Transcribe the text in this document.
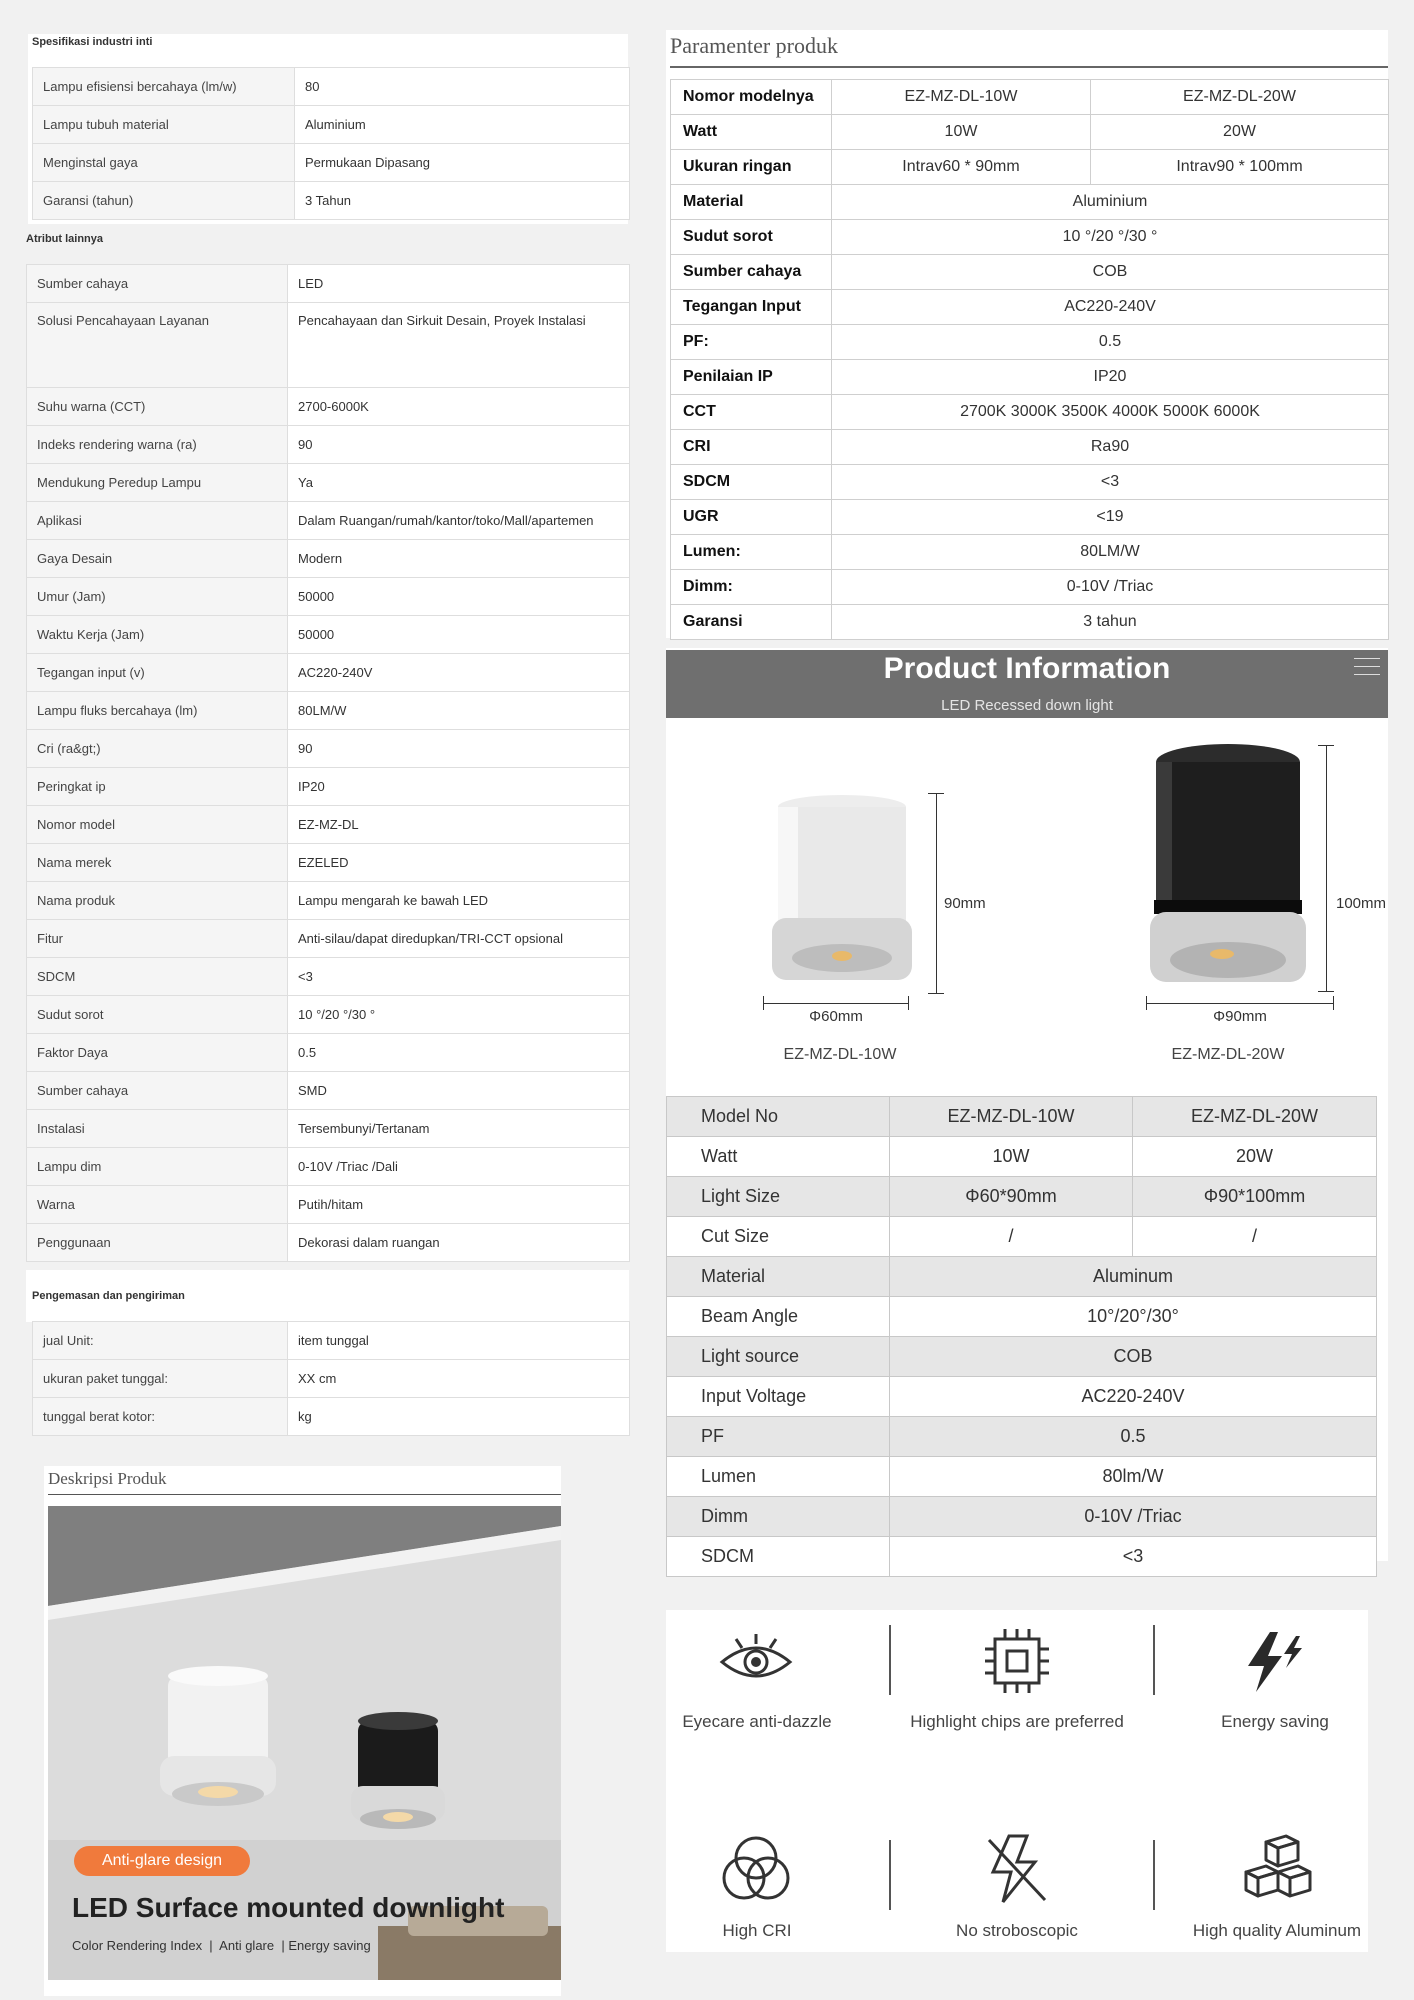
Spesifikasi industri inti
Lampu efisiensi bercahaya (lm/w)	80
Lampu tubuh material	Aluminium
Menginstal gaya	Permukaan Dipasang
Garansi (tahun)	3 Tahun
Atribut lainnya
Sumber cahaya	LED
Solusi Pencahayaan Layanan	Pencahayaan dan Sirkuit Desain, Proyek Instalasi
Suhu warna (CCT)	2700-6000K
Indeks rendering warna (ra)	90
Mendukung Peredup Lampu	Ya
Aplikasi	Dalam Ruangan/rumah/kantor/toko/Mall/apartemen
Gaya Desain	Modern
Umur (Jam)	50000
Waktu Kerja (Jam)	50000
Tegangan input (v)	AC220-240V
Lampu fluks bercahaya (lm)	80LM/W
Cri (ra&gt;)	90
Peringkat ip	IP20
Nomor model	EZ-MZ-DL
Nama merek	EZELED
Nama produk	Lampu mengarah ke bawah LED
Fitur	Anti-silau/dapat diredupkan/TRI-CCT opsional
SDCM	<3
Sudut sorot	10 °/20 °/30 °
Faktor Daya	0.5
Sumber cahaya	SMD
Instalasi	Tersembunyi/Tertanam
Lampu dim	0-10V /Triac /Dali
Warna	Putih/hitam
Penggunaan	Dekorasi dalam ruangan
Pengemasan dan pengiriman
jual Unit:	item tunggal
ukuran paket tunggal:	XX cm
tunggal berat kotor:	kg
Deskripsi Produk
Anti-glare design
LED Surface mounted downlight
Color Rendering Index  |  Anti glare  | Energy saving
Paramenter produk
Nomor modelnya	EZ-MZ-DL-10W	EZ-MZ-DL-20W
Watt	10W	20W
Ukuran ringan	Intrav60 * 90mm	Intrav90 * 100mm
Material	Aluminium	
Sudut sorot	10 °/20 °/30 °	
Sumber cahaya	COB	
Tegangan Input	AC220-240V	
PF:	0.5	
Penilaian IP	IP20	
CCT	2700K 3000K 3500K 4000K 5000K 6000K	
CRI	Ra90	
SDCM	<3	
UGR	<19	
Lumen:	80LM/W	
Dimm:	0-10V /Triac	
Garansi	3 tahun	
Product Information
LED Recessed down light
90mm
Φ60mm
EZ-MZ-DL-10W
100mm
Φ90mm
EZ-MZ-DL-20W
Model No	EZ-MZ-DL-10W	EZ-MZ-DL-20W
Watt	10W	20W
Light Size	Φ60*90mm	Φ90*100mm
Cut Size	/	/
Material	Aluminum	
Beam Angle	10°/20°/30°	
Light source	COB	
Input Voltage	AC220-240V	
PF	0.5	
Lumen	80lm/W	
Dimm	0-10V /Triac	
SDCM	<3	
Eyecare anti-dazzle	Highlight chips are preferred	Energy saving
High CRI	No stroboscopic	High quality Aluminum
